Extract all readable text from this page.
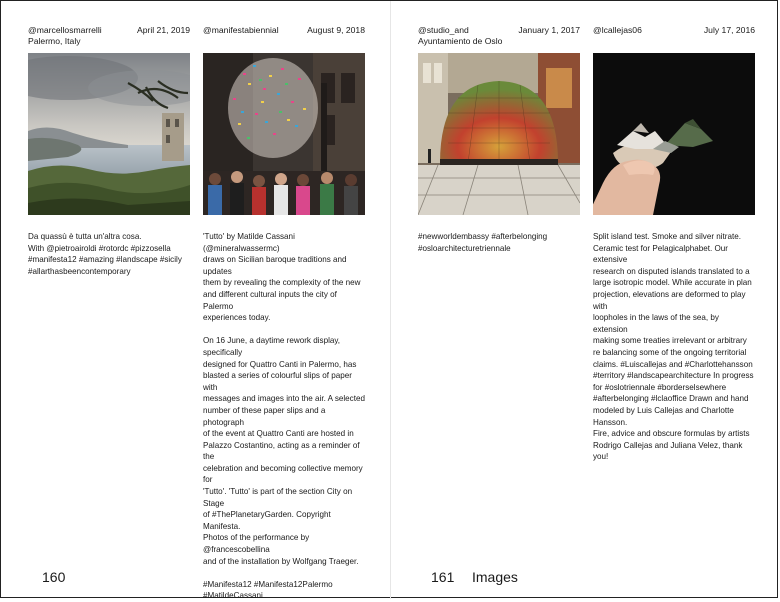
@marcellosmarrelli	April 21, 2019
Palermo, Italy
Da quassù è tutta un'altra cosa.
With @pietroairoldi #rotordc #pizzosella
#manifesta12 #amazing #landscape #sicily
#allarthasbeencontemporary
@manifestabiennial	August 9, 2018
'Tutto' by Matilde Cassani (@mineralwassermc)
draws on Sicilian baroque traditions and updates
them by revealing the complexity of the new
and different cultural inputs the city of Palermo
experiences today.

On 16 June, a daytime rework display, specifically
designed for Quattro Canti in Palermo, has
blasted a series of colourful slips of paper with
messages and images into the air. A selected
number of these paper slips and a photograph
of the event at Quattro Canti are hosted in
Palazzo Costantino, acting as a reminder of the
celebration and becoming collective memory for
'Tutto'. 'Tutto' is part of the section City on Stage
of #ThePlanetaryGarden. Copyright Manifesta.
Photos of the performance by @francescobellina
and of the installation by Wolfgang Traeger.

#Manifesta12 #Manifesta12Palermo
#MatildeCassani
@studio_and	January 1, 2017
Ayuntamiento de Oslo
#newworldembassy #afterbelonging
#osloarchitecturetriennale
@lcallejas06	July 17, 2016
Split island test. Smoke and silver nitrate.
Ceramic test for Pelagicalphabet. Our extensive
research on disputed islands translated to a
large isotropic model. While accurate in plan
projection, elevations are deformed to play with
loopholes in the laws of the sea, by extension
making some treaties irrelevant or arbitrary
re balancing some of the ongoing territorial
claims. #Luiscallejas and #Charlottehansson
#territory #landscapearchitecture In progress
for #oslotriennale #borderselsewhere
#afterbelonging #lclaoffice Drawn and hand
modeled by Luis Callejas and Charlotte Hansson.
Fire, advice and obscure formulas by artists
Rodrigo Callejas and Juliana Velez, thank you!
160	161 Images
